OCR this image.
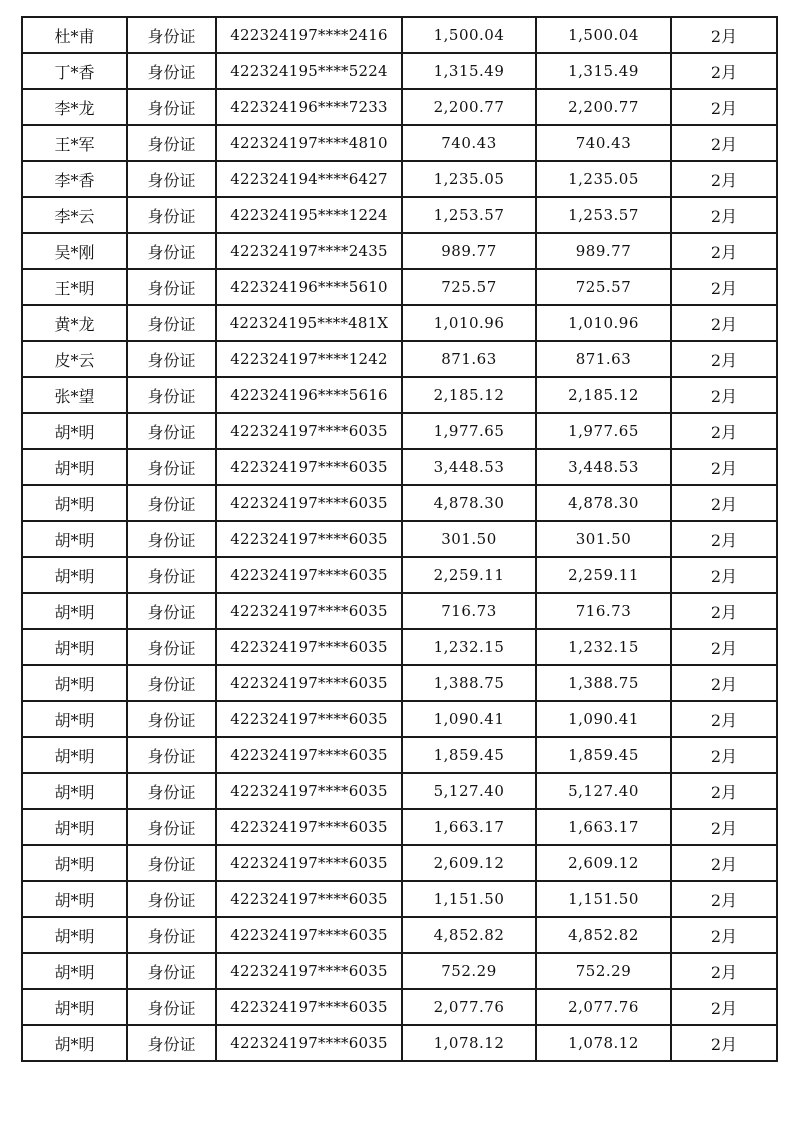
杜*甫	身份证	422324197****2416	1,500.04	1,500.04	2月
丁*香	身份证	422324195****5224	1,315.49	1,315.49	2月
李*龙	身份证	422324196****7233	2,200.77	2,200.77	2月
王*军	身份证	422324197****4810	740.43	740.43	2月
李*香	身份证	422324194****6427	1,235.05	1,235.05	2月
李*云	身份证	422324195****1224	1,253.57	1,253.57	2月
吴*刚	身份证	422324197****2435	989.77	989.77	2月
王*明	身份证	422324196****5610	725.57	725.57	2月
黄*龙	身份证	422324195****481X	1,010.96	1,010.96	2月
皮*云	身份证	422324197****1242	871.63	871.63	2月
张*望	身份证	422324196****5616	2,185.12	2,185.12	2月
胡*明	身份证	422324197****6035	1,977.65	1,977.65	2月
胡*明	身份证	422324197****6035	3,448.53	3,448.53	2月
胡*明	身份证	422324197****6035	4,878.30	4,878.30	2月
胡*明	身份证	422324197****6035	301.50	301.50	2月
胡*明	身份证	422324197****6035	2,259.11	2,259.11	2月
胡*明	身份证	422324197****6035	716.73	716.73	2月
胡*明	身份证	422324197****6035	1,232.15	1,232.15	2月
胡*明	身份证	422324197****6035	1,388.75	1,388.75	2月
胡*明	身份证	422324197****6035	1,090.41	1,090.41	2月
胡*明	身份证	422324197****6035	1,859.45	1,859.45	2月
胡*明	身份证	422324197****6035	5,127.40	5,127.40	2月
胡*明	身份证	422324197****6035	1,663.17	1,663.17	2月
胡*明	身份证	422324197****6035	2,609.12	2,609.12	2月
胡*明	身份证	422324197****6035	1,151.50	1,151.50	2月
胡*明	身份证	422324197****6035	4,852.82	4,852.82	2月
胡*明	身份证	422324197****6035	752.29	752.29	2月
胡*明	身份证	422324197****6035	2,077.76	2,077.76	2月
胡*明	身份证	422324197****6035	1,078.12	1,078.12	2月
